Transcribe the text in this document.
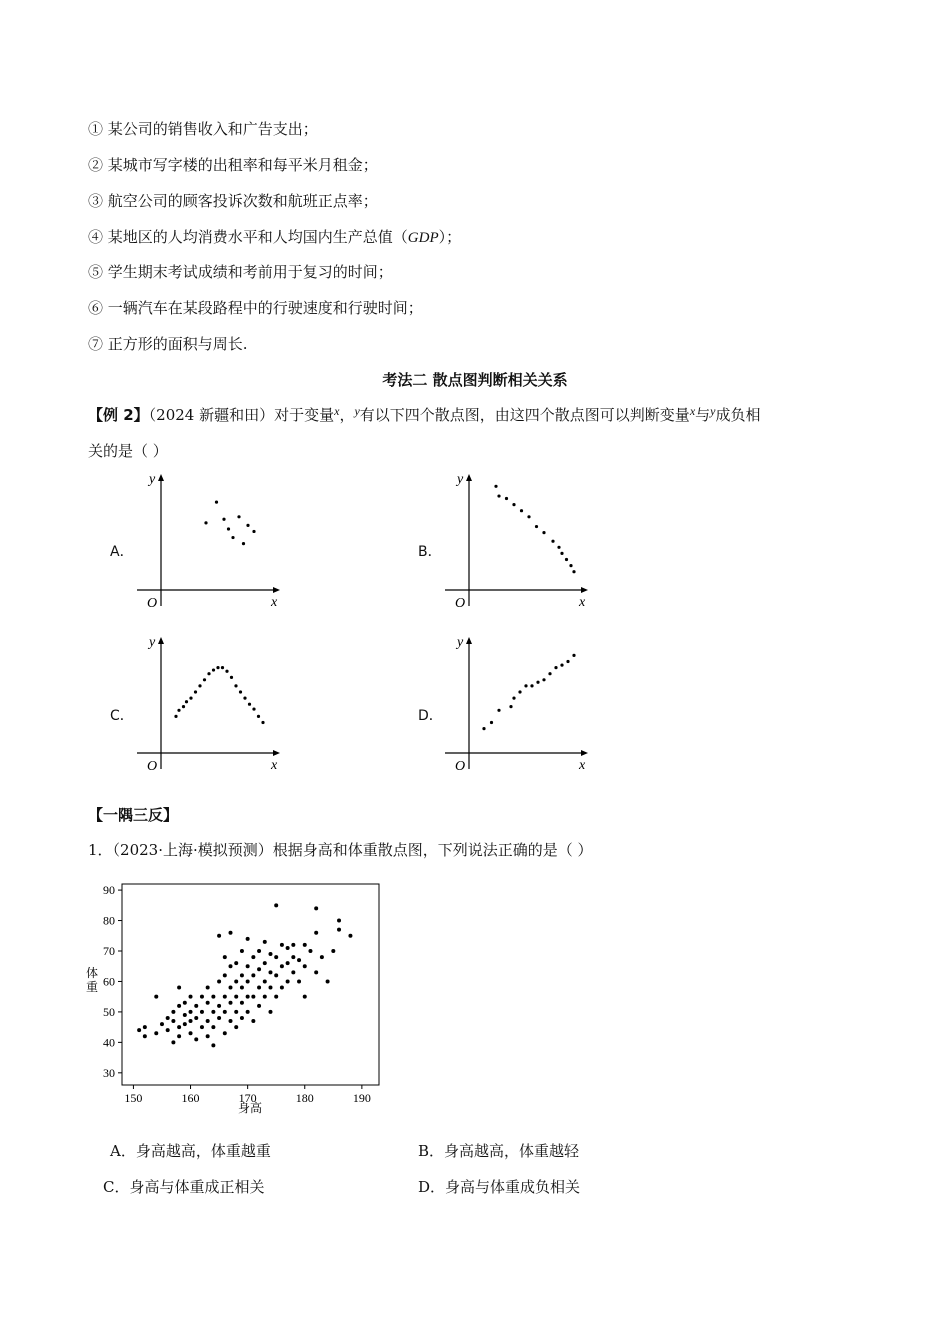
① 某公司的销售收入和广告支出；
② 某城市写字楼的出租率和每平米月租金；
③ 航空公司的顾客投诉次数和航班正点率；
④ 某地区的人均消费水平和人均国内生产总值（GDP）；
⑤ 学生期末考试成绩和考前用于复习的时间；
⑥ 一辆汽车在某段路程中的行驶速度和行驶时间；
⑦ 正方形的面积与周长.
考法二 散点图判断相关关系
【例 2】（2024 新疆和田）对于变量$^x$，$^y$有以下四个散点图，由这四个散点图可以判断变量$^x$与$^y$成负相
关的是（ ）
A．	B．
C．	D．
y
x
O
y
x
O
y
x
O
y
x
O
【一隅三反】
1．（2023·上海·模拟预测）根据身高和体重散点图，下列说法正确的是（ ）
30
40
50
60
70
80
90
150	160	170	180	190
体重
身高
A．身高越高，体重越重	B．身高越高，体重越轻
C．身高与体重成正相关	D．身高与体重成负相关
